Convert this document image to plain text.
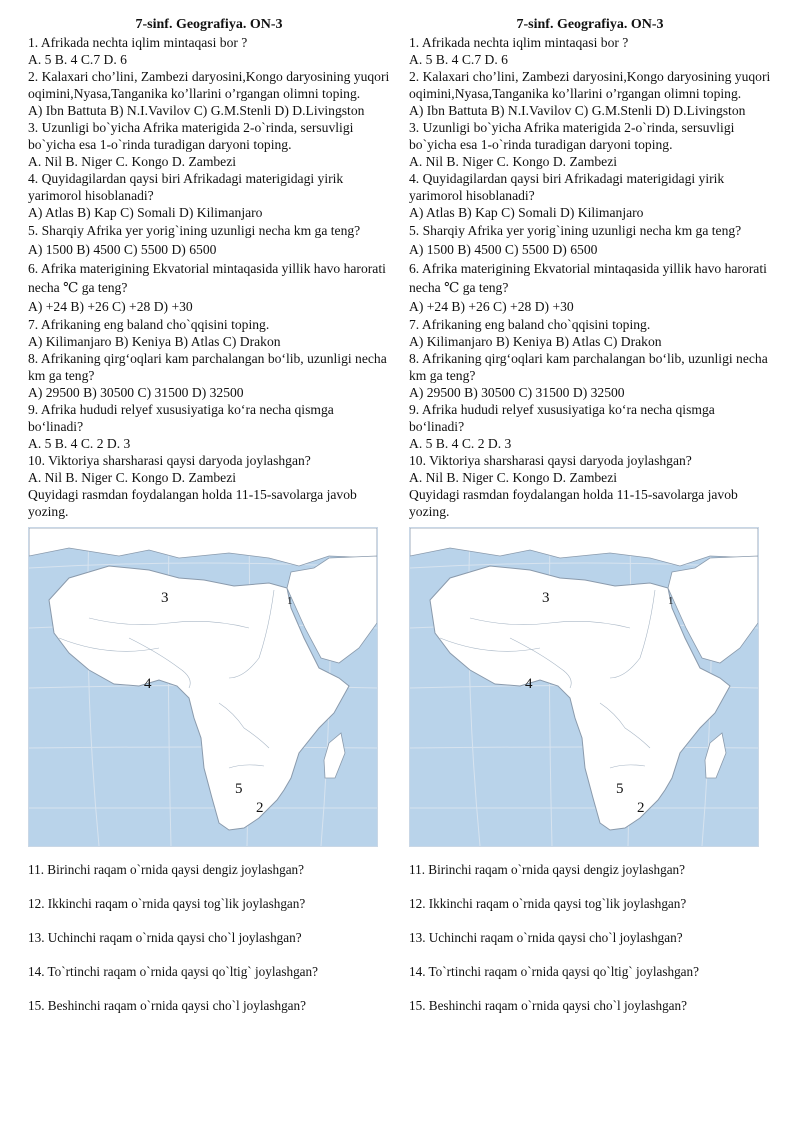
7-sinf. Geografiya. ON-3
1. Afrikada nechta iqlim mintaqasi bor ?
A. 5 B. 4 C.7 D. 6
2. Kalaxari cho’lini, Zambezi daryosini,Kongo daryosining yuqori oqimini,Nyasa,Tanganika ko’llarini o’rgangan olimni toping.
A) Ibn Battuta B) N.I.Vavilov C) G.M.Stenli D) D.Livingston
3. Uzunligi bo`yicha Afrika materigida 2-o`rinda, sersuvligi bo`yicha esa 1-o`rinda turadigan daryoni toping.
A. Nil B. Niger C. Kongo D. Zambezi
4. Quyidagilardan qaysi biri Afrikadagi materigidagi yirik yarimorol hisoblanadi?
A) Atlas B) Kap C) Somali D) Kilimanjaro
5. Sharqiy Afrika yer yorig`ining uzunligi necha km ga teng?
A) 1500 B) 4500 C) 5500 D) 6500
6. Afrika materigining Ekvatorial mintaqasida yillik havo harorati necha ℃ ga teng?
A) +24 B) +26 C) +28 D) +30
7. Afrikaning eng baland cho`qqisini toping.
A) Kilimanjaro B) Keniya B) Atlas C) Drakon
8. Afrikaning qirg‘oqlari kam parchalangan bo‘lib, uzunligi necha km ga teng?
A) 29500 B) 30500 C) 31500 D) 32500
9. Afrika hududi relyef xususiyatiga ko‘ra necha qismga bo‘linadi?
A. 5 B. 4 C. 2 D. 3
10. Viktoriya sharsharasi qaysi daryoda joylashgan?
A. Nil B. Niger C. Kongo D. Zambezi
Quyidagi rasmdan foydalangan holda 11-15-savolarga javob yozing.
3	1
4
5
2
11. Birinchi raqam o`rnida qaysi dengiz joylashgan?
12. Ikkinchi raqam o`rnida qaysi tog`lik joylashgan?
13. Uchinchi raqam o`rnida qaysi cho`l joylashgan?
14. To`rtinchi raqam o`rnida qaysi qo`ltig` joylashgan?
15. Beshinchi raqam o`rnida qaysi cho`l joylashgan?
7-sinf. Geografiya. ON-3
1. Afrikada nechta iqlim mintaqasi bor ?
A. 5 B. 4 C.7 D. 6
2. Kalaxari cho’lini, Zambezi daryosini,Kongo daryosining yuqori oqimini,Nyasa,Tanganika ko’llarini o’rgangan olimni toping.
A) Ibn Battuta B) N.I.Vavilov C) G.M.Stenli D) D.Livingston
3. Uzunligi bo`yicha Afrika materigida 2-o`rinda, sersuvligi bo`yicha esa 1-o`rinda turadigan daryoni toping.
A. Nil B. Niger C. Kongo D. Zambezi
4. Quyidagilardan qaysi biri Afrikadagi materigidagi yirik yarimorol hisoblanadi?
A) Atlas B) Kap C) Somali D) Kilimanjaro
5. Sharqiy Afrika yer yorig`ining uzunligi necha km ga teng?
A) 1500 B) 4500 C) 5500 D) 6500
6. Afrika materigining Ekvatorial mintaqasida yillik havo harorati necha ℃ ga teng?
A) +24 B) +26 C) +28 D) +30
7. Afrikaning eng baland cho`qqisini toping.
A) Kilimanjaro B) Keniya B) Atlas C) Drakon
8. Afrikaning qirg‘oqlari kam parchalangan bo‘lib, uzunligi necha km ga teng?
A) 29500 B) 30500 C) 31500 D) 32500
9. Afrika hududi relyef xususiyatiga ko‘ra necha qismga bo‘linadi?
A. 5 B. 4 C. 2 D. 3
10. Viktoriya sharsharasi qaysi daryoda joylashgan?
A. Nil B. Niger C. Kongo D. Zambezi
Quyidagi rasmdan foydalangan holda 11-15-savolarga javob yozing.
3	1
4
5
2
11. Birinchi raqam o`rnida qaysi dengiz joylashgan?
12. Ikkinchi raqam o`rnida qaysi tog`lik joylashgan?
13. Uchinchi raqam o`rnida qaysi cho`l joylashgan?
14. To`rtinchi raqam o`rnida qaysi qo`ltig` joylashgan?
15. Beshinchi raqam o`rnida qaysi cho`l joylashgan?
